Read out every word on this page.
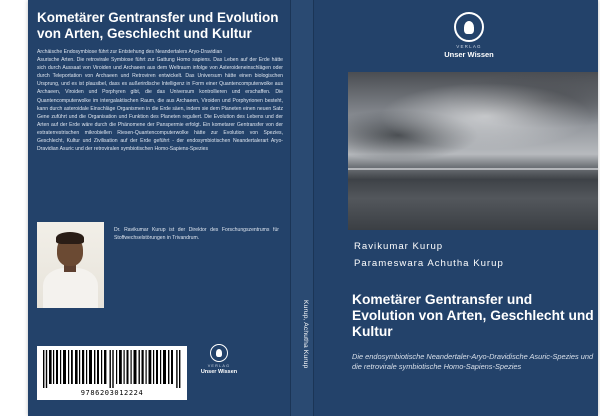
Kometärer Gentransfer und Evolution von Arten, Geschlecht und Kultur

Archäische Endosymbiose führt zur Entstehung des Neandertalers Aryo-Dravidian

Asurische Arten. Die retrovirale Symbiose führt zur Gattung Homo sapiens. Das Leben auf der Erde hätte sich durch Aussaat von Viroiden und Archaeen aus dem Weltraum infolge von Asteroideneinschlägen oder durch Teleportation von Archaeen und Retroviren entwickelt. Das Universum hätte einen biologischen Ursprung, und es ist plausibel, dass es außerirdische Intelligenz in Form einer Quantencomputerwolke aus Archaeen, Viroiden und Porphyren gibt, die das Universum kontrollieren und erschaffen. Die Quantencomputerwolke im intergalaktischen Raum, die aus Archaeen, Viroiden und Porphyrionen besteht, kann durch asteroidale Einschläge Organismen in die Erde säen, indem sie dem Planeten einen neuen Satz Gene zuführt und die Organisation und Funktion des Planeten reguliert. Die Evolution des Lebens und der Arten auf der Erde wäre durch die Phänomene der Panspermie erfolgt. Ein kometarer Gentransfer von der extraterrestrischen mikrobiellen Riesen-Quantencomputerwolke hätte zur Evolution von Spezies, Geschlecht, Kultur und Zivilisation auf der Erde geführt - der endosymbiotischen Neandertalerart Aryo-Dravidian Asuric und der retroviralen symbiotischen Homo-Sapiens-Spezies

Dr. Ravikumar Kurup ist der Direktor des Forschungszentrums für Stoffwechselstörungen in Trivandrum.
9786203012224
VERLAG
Unser Wissen
Kurup, Achutha Kurup
VERLAG
Unser Wissen
Ravikumar Kurup
Parameswara Achutha Kurup
Kometärer Gentransfer und Evolution von Arten, Geschlecht und Kultur
Die endosymbiotische Neandertaler-Aryo-Dravidische Asuric-Spezies und die retrovirale symbiotische Homo-Sapiens-Spezies
